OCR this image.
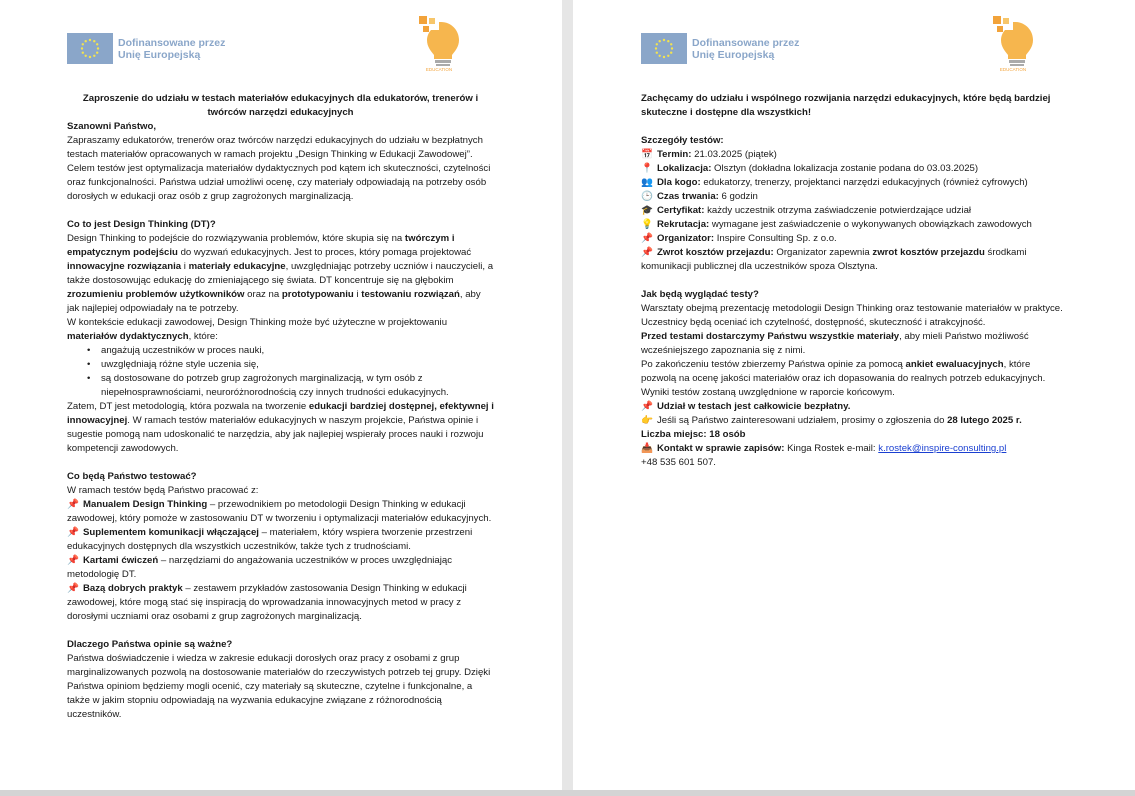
Dofinansowane przez
Unię Europejską
EDUCATION

Zaproszenie do udziału w testach materiałów edukacyjnych dla edukatorów, trenerów i twórców narzędzi edukacyjnych

Szanowni Państwo,

Zapraszamy edukatorów, trenerów oraz twórców narzędzi edukacyjnych do udziału w bezpłatnych testach materiałów opracowanych w ramach projektu „Design Thinking w Edukacji Zawodowej”. Celem testów jest optymalizacja materiałów dydaktycznych pod kątem ich skuteczności, czytelności oraz funkcjonalności. Państwa udział umożliwi ocenę, czy materiały odpowiadają na potrzeby osób dorosłych w edukacji oraz osób z grup zagrożonych marginalizacją.

Co to jest Design Thinking (DT)?

Design Thinking to podejście do rozwiązywania problemów, które skupia się na twórczym i empatycznym podejściu do wyzwań edukacyjnych. Jest to proces, który pomaga projektować innowacyjne rozwiązania i materiały edukacyjne, uwzględniając potrzeby uczniów i nauczycieli, a także dostosowując edukację do zmieniającego się świata. DT koncentruje się na głębokim zrozumieniu problemów użytkowników oraz na prototypowaniu i testowaniu rozwiązań, aby jak najlepiej odpowiadały na te potrzeby.

W kontekście edukacji zawodowej, Design Thinking może być użyteczne w projektowaniu materiałów dydaktycznych, które:

• angażują uczestników w proces nauki,
• uwzględniają różne style uczenia się,
• są dostosowane do potrzeb grup zagrożonych marginalizacją, w tym osób z niepełnosprawnościami, neuroróżnorodnością czy innych trudności edukacyjnych.

Zatem, DT jest metodologią, która pozwala na tworzenie edukacji bardziej dostępnej, efektywnej i innowacyjnej. W ramach testów materiałów edukacyjnych w naszym projekcie, Państwa opinie i sugestie pomogą nam udoskonalić te narzędzia, aby jak najlepiej wspierały proces nauki i rozwoju kompetencji zawodowych.

Co będą Państwo testować?

W ramach testów będą Państwo pracować z:

📌 Manualem Design Thinking – przewodnikiem po metodologii Design Thinking w edukacji zawodowej, który pomoże w zastosowaniu DT w tworzeniu i optymalizacji materiałów edukacyjnych.

📌 Suplementem komunikacji włączającej – materiałem, który wspiera tworzenie przestrzeni edukacyjnych dostępnych dla wszystkich uczestników, także tych z trudnościami.

📌 Kartami ćwiczeń – narzędziami do angażowania uczestników w proces uwzględniając metodologię DT.

📌 Bazą dobrych praktyk – zestawem przykładów zastosowania Design Thinking w edukacji zawodowej, które mogą stać się inspiracją do wprowadzania innowacyjnych metod w pracy z dorosłymi uczniami oraz osobami z grup zagrożonych marginalizacją.

Dlaczego Państwa opinie są ważne?

Państwa doświadczenie i wiedza w zakresie edukacji dorosłych oraz pracy z osobami z grup marginalizowanych pozwolą na dostosowanie materiałów do rzeczywistych potrzeb tej grupy. Dzięki Państwa opiniom będziemy mogli ocenić, czy materiały są skuteczne, czytelne i funkcjonalne, a także w jakim stopniu odpowiadają na wyzwania edukacyjne związane z różnorodnością uczestników.

Dofinansowane przez
Unię Europejską
EDUCATION

Zachęcamy do udziału i wspólnego rozwijania narzędzi edukacyjnych, które będą bardziej skuteczne i dostępne dla wszystkich!

Szczegóły testów:

📅 Termin: 21.03.2025 (piątek)

📍 Lokalizacja: Olsztyn (dokładna lokalizacja zostanie podana do 03.03.2025)

👥 Dla kogo: edukatorzy, trenerzy, projektanci narzędzi edukacyjnych (również cyfrowych)

🕒 Czas trwania: 6 godzin

🎓 Certyfikat: każdy uczestnik otrzyma zaświadczenie potwierdzające udział

💡 Rekrutacja: wymagane jest zaświadczenie o wykonywanych obowiązkach zawodowych

📌 Organizator: Inspire Consulting Sp. z o.o.

📌 Zwrot kosztów przejazdu: Organizator zapewnia zwrot kosztów przejazdu środkami komunikacji publicznej dla uczestników spoza Olsztyna.

Jak będą wyglądać testy?

Warsztaty obejmą prezentację metodologii Design Thinking oraz testowanie materiałów w praktyce. Uczestnicy będą oceniać ich czytelność, dostępność, skuteczność i atrakcyjność.

Przed testami dostarczymy Państwu wszystkie materiały, aby mieli Państwo możliwość wcześniejszego zapoznania się z nimi.

Po zakończeniu testów zbierzemy Państwa opinie za pomocą ankiet ewaluacyjnych, które pozwolą na ocenę jakości materiałów oraz ich dopasowania do realnych potrzeb edukacyjnych. Wyniki testów zostaną uwzględnione w raporcie końcowym.

📌 Udział w testach jest całkowicie bezpłatny.

👉 Jeśli są Państwo zainteresowani udziałem, prosimy o zgłoszenia do 28 lutego 2025 r.

Liczba miejsc: 18 osób

📥 Kontakt w sprawie zapisów: Kinga Rostek e-mail: k.rostek@inspire-consulting.pl

+48 535 601 507.
